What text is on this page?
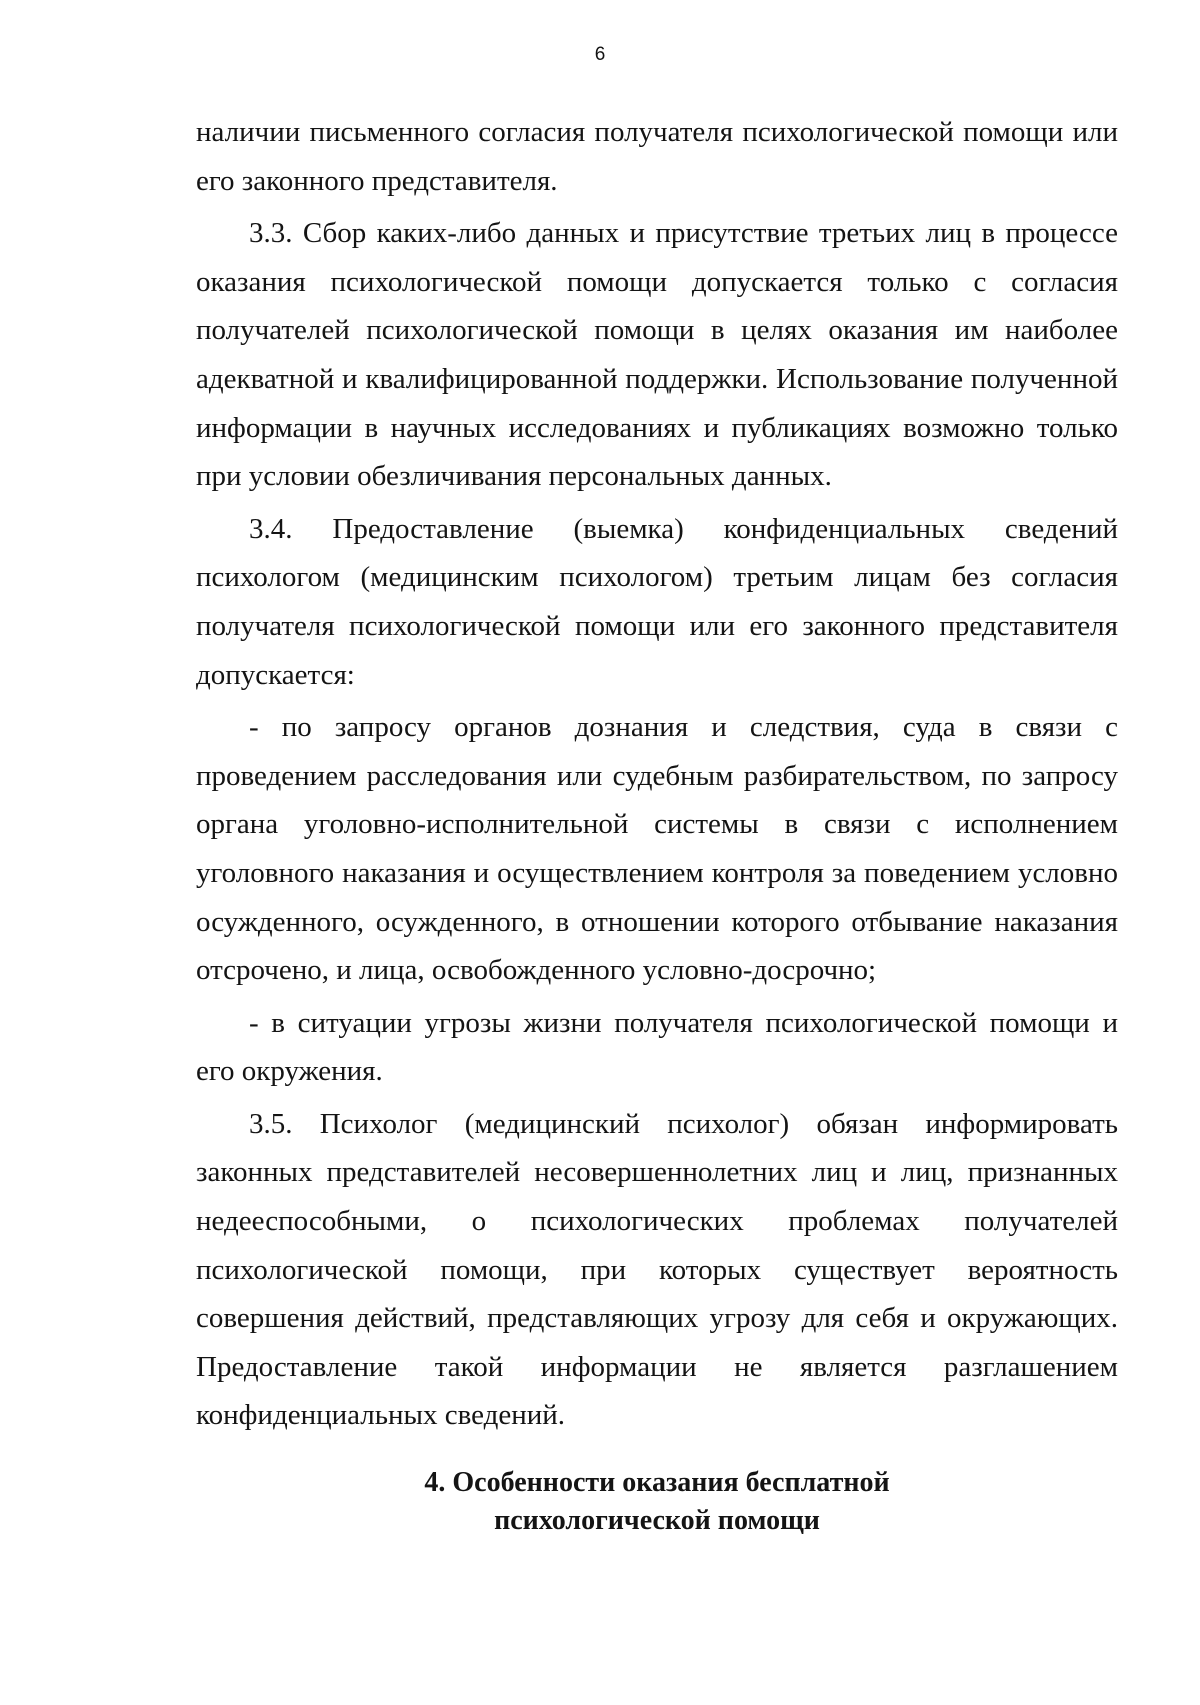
6

наличии письменного согласия получателя психологической помощи или его законного представителя.

3.3. Сбор каких-либо данных и присутствие третьих лиц в процессе оказания психологической помощи допускается только с согласия получателей психологической помощи в целях оказания им наиболее адекватной и квалифицированной поддержки. Использование полученной информации в научных исследованиях и публикациях возможно только при условии обезличивания персональных данных.

3.4. Предоставление (выемка) конфиденциальных сведений психологом (медицинским психологом) третьим лицам без согласия получателя психологической помощи или его законного представителя допускается:

- по запросу органов дознания и следствия, суда в связи с проведением расследования или судебным разбирательством, по запросу органа уголовно-исполнительной системы в связи с исполнением уголовного наказания и осуществлением контроля за поведением условно осужденного, осужденного, в отношении которого отбывание наказания отсрочено, и лица, освобожденного условно-досрочно;

- в ситуации угрозы жизни получателя психологической помощи и его окружения.

3.5. Психолог (медицинский психолог) обязан информировать законных представителей несовершеннолетних лиц и лиц, признанных недееспособными, о психологических проблемах получателей психологической помощи, при которых существует вероятность совершения действий, представляющих угрозу для себя и окружающих. Предоставление такой информации не является разглашением конфиденциальных сведений.

4. Особенности оказания бесплатной
психологической помощи
